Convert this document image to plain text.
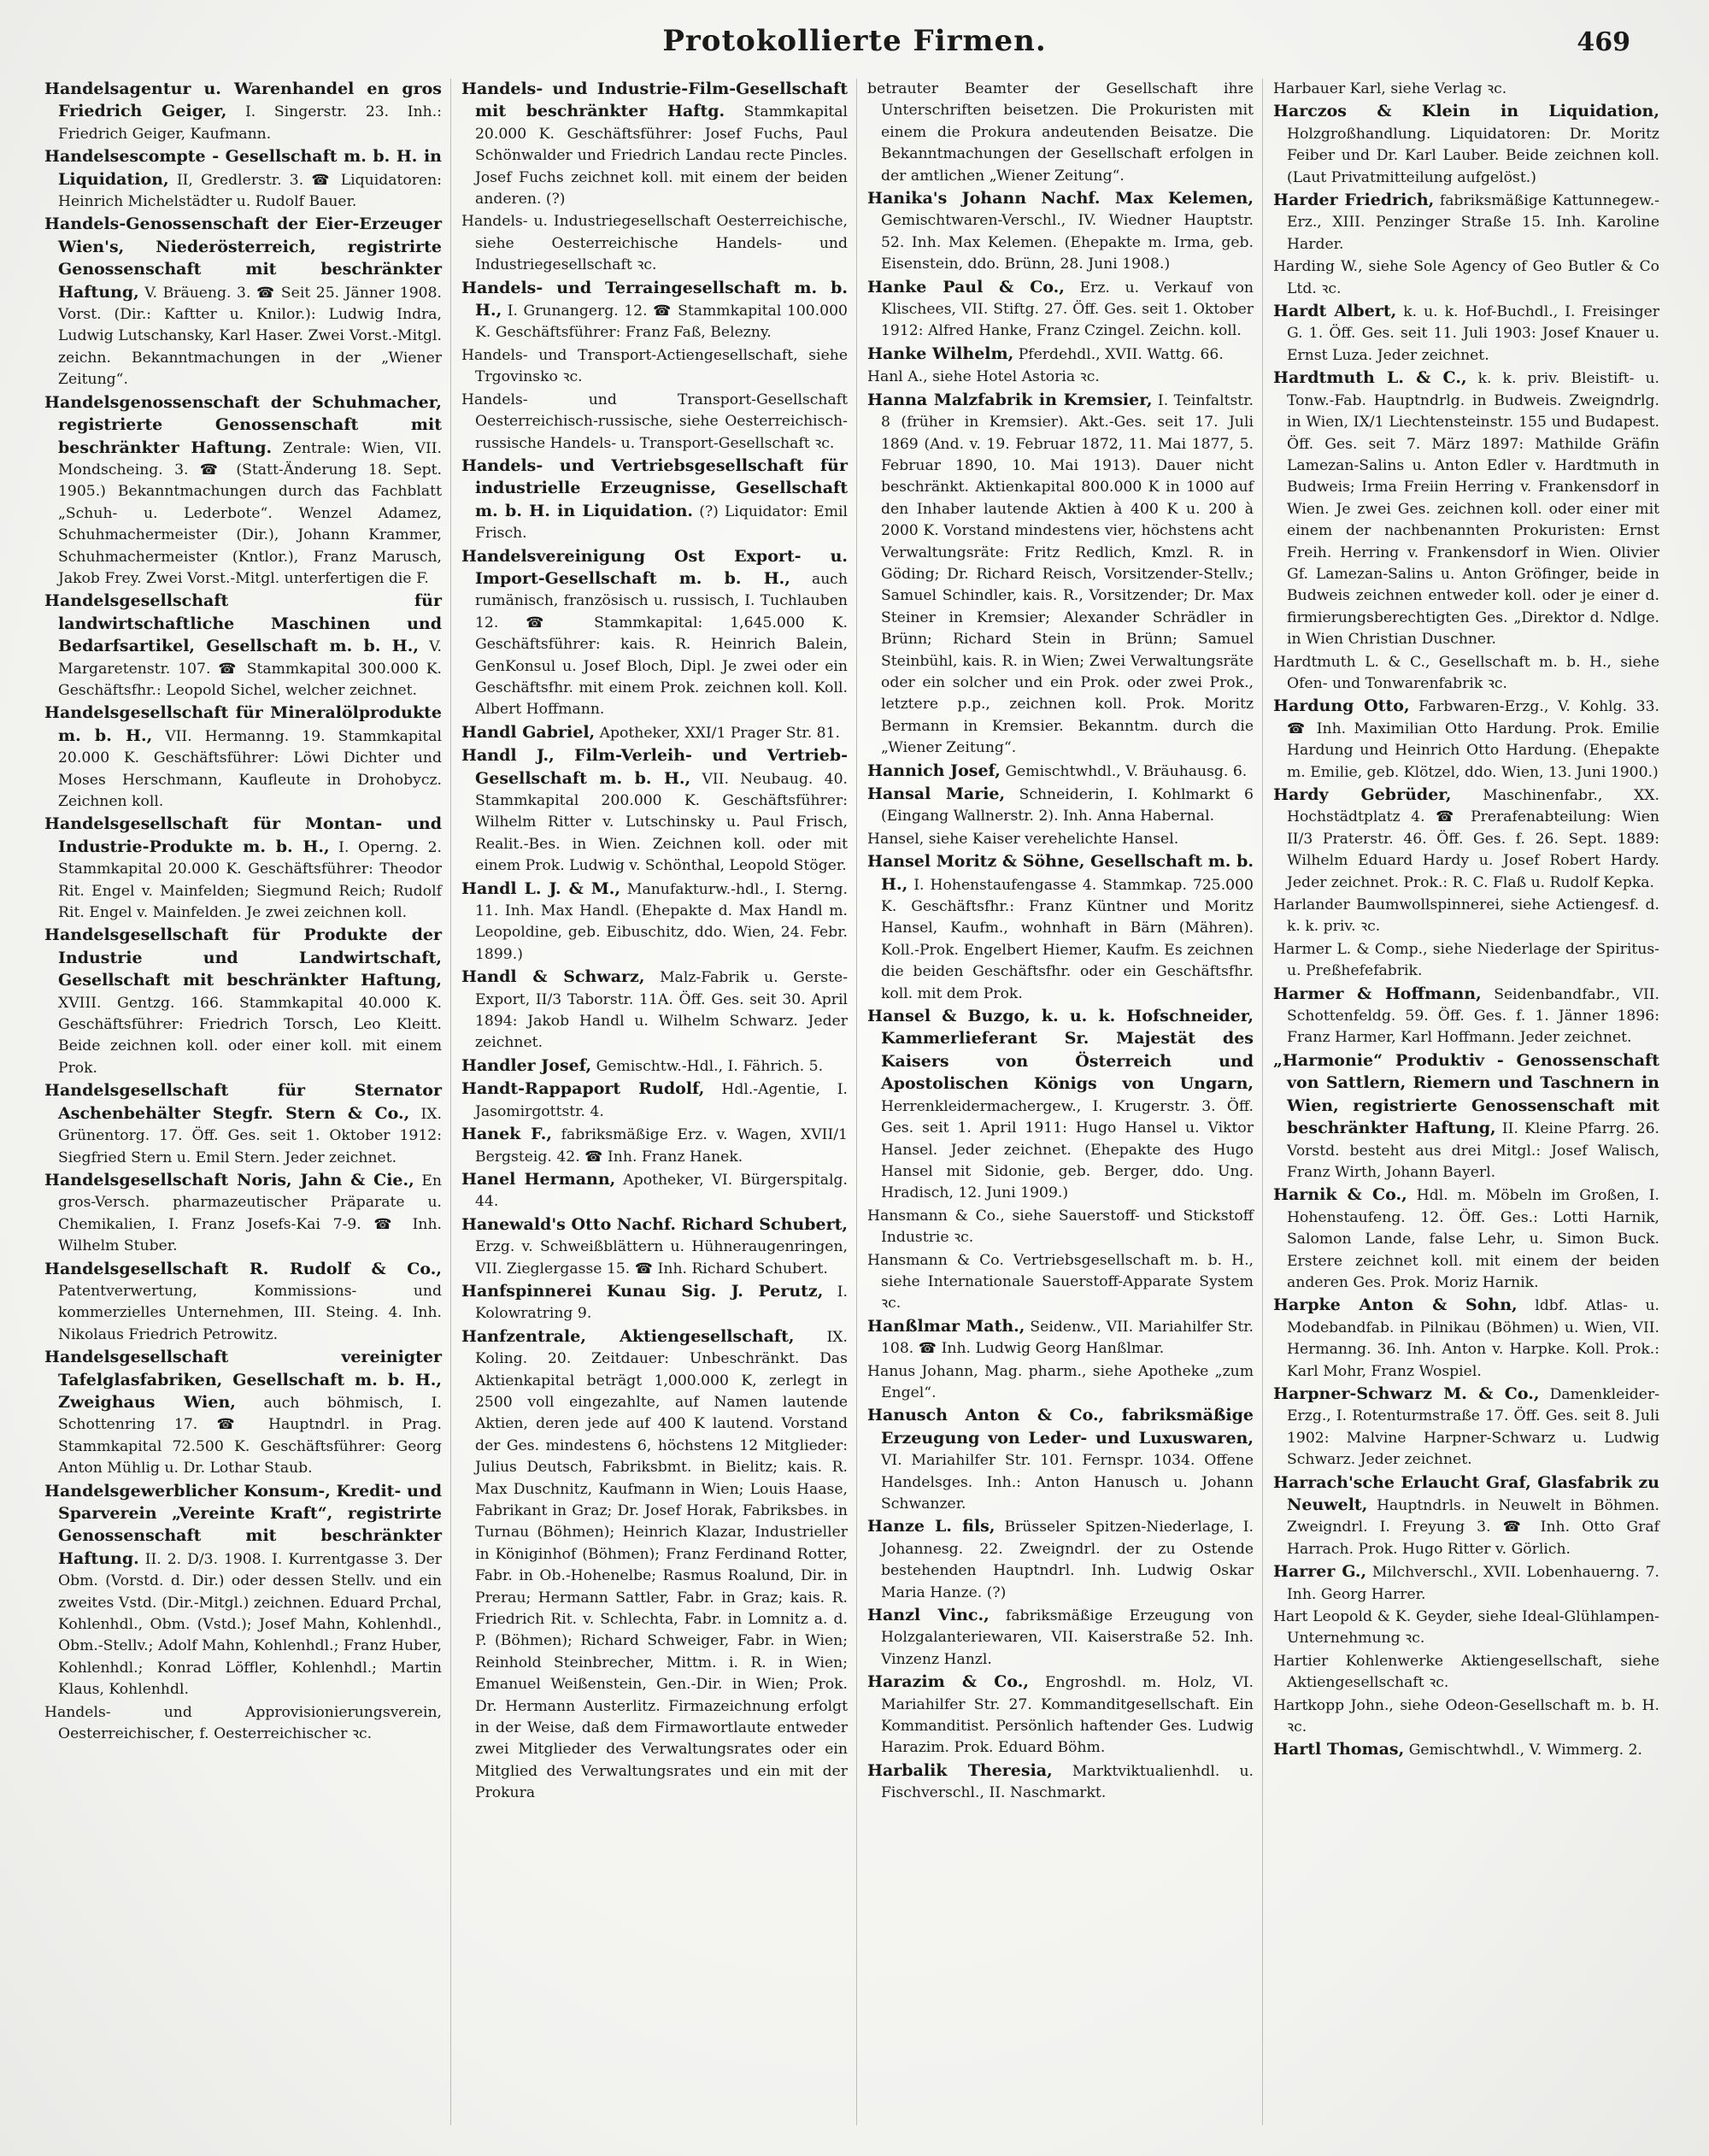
Protokollierte Firmen.	469

Handelsagentur u. Warenhandel en gros Friedrich Geiger, I. Singerstr. 23. Inh.: Friedrich Geiger, Kaufmann.

Handelsescompte - Gesellschaft m. b. H. in Liquidation, II, Gredlerstr. 3. ☎ Liquidatoren: Heinrich Michelstädter u. Rudolf Bauer.

Handels-Genossenschaft der Eier-Erzeuger Wien's, Niederösterreich, registrirte Genossenschaft mit beschränkter Haftung, V. Bräueng. 3. ☎ Seit 25. Jänner 1908. Vorst. (Dir.: Kaftter u. Knilor.): Ludwig Indra, Ludwig Lutschansky, Karl Haser. Zwei Vorst.-Mitgl. zeichn. Bekanntmachungen in der „Wiener Zeitung“.

Handelsgenossenschaft der Schuhmacher, registrierte Genossenschaft mit beschränkter Haftung. Zentrale: Wien, VII. Mondscheing. 3. ☎ (Statt-Änderung 18. Sept. 1905.) Bekanntmachungen durch das Fachblatt „Schuh- u. Lederbote“. Wenzel Adamez, Schuhmachermeister (Dir.), Johann Krammer, Schuhmachermeister (Kntlor.), Franz Marusch, Jakob Frey. Zwei Vorst.-Mitgl. unterfertigen die F.

Handelsgesellschaft für landwirtschaftliche Maschinen und Bedarfsartikel, Gesellschaft m. b. H., V. Margaretenstr. 107. ☎ Stammkapital 300.000 K. Geschäftsfhr.: Leopold Sichel, welcher zeichnet.

Handelsgesellschaft für Mineralölprodukte m. b. H., VII. Hermanng. 19. Stammkapital 20.000 K. Geschäftsführer: Löwi Dichter und Moses Herschmann, Kaufleute in Drohobycz. Zeichnen koll.

Handelsgesellschaft für Montan- und Industrie-Produkte m. b. H., I. Operng. 2. Stammkapital 20.000 K. Geschäftsführer: Theodor Rit. Engel v. Mainfelden; Siegmund Reich; Rudolf Rit. Engel v. Mainfelden. Je zwei zeichnen koll.

Handelsgesellschaft für Produkte der Industrie und Landwirtschaft, Gesellschaft mit beschränkter Haftung, XVIII. Gentzg. 166. Stammkapital 40.000 K. Geschäftsführer: Friedrich Torsch, Leo Kleitt. Beide zeichnen koll. oder einer koll. mit einem Prok.

Handelsgesellschaft für Sternator Aschenbehälter Stegfr. Stern & Co., IX. Grünentorg. 17. Öff. Ges. seit 1. Oktober 1912: Siegfried Stern u. Emil Stern. Jeder zeichnet.

Handelsgesellschaft Noris, Jahn & Cie., En gros-Versch. pharmazeutischer Präparate u. Chemikalien, I. Franz Josefs-Kai 7-9. ☎ Inh. Wilhelm Stuber.

Handelsgesellschaft R. Rudolf & Co., Patentverwertung, Kommissions- und kommerzielles Unternehmen, III. Steing. 4. Inh. Nikolaus Friedrich Petrowitz.

Handelsgesellschaft vereinigter Tafelglasfabriken, Gesellschaft m. b. H., Zweighaus Wien, auch böhmisch, I. Schottenring 17. ☎ Hauptndrl. in Prag. Stammkapital 72.500 K. Geschäftsführer: Georg Anton Mühlig u. Dr. Lothar Staub.

Handelsgewerblicher Konsum-, Kredit- und Sparverein „Vereinte Kraft“, registrirte Genossenschaft mit beschränkter Haftung. II. 2. D/3. 1908. I. Kurrentgasse 3. Der Obm. (Vorstd. d. Dir.) oder dessen Stellv. und ein zweites Vstd. (Dir.-Mitgl.) zeichnen. Eduard Prchal, Kohlenhdl., Obm. (Vstd.); Josef Mahn, Kohlenhdl., Obm.-Stellv.; Adolf Mahn, Kohlenhdl.; Franz Huber, Kohlenhdl.; Konrad Löffler, Kohlenhdl.; Martin Klaus, Kohlenhdl.

Handels- und Approvisionierungsverein, Oesterreichischer, f. Oesterreichischer ꝛc.

Handels- und Industrie-Film-Gesellschaft mit beschränkter Haftg. Stammkapital 20.000 K. Geschäftsführer: Josef Fuchs, Paul Schönwalder und Friedrich Landau recte Pincles. Josef Fuchs zeichnet koll. mit einem der beiden anderen. (?)

Handels- u. Industriegesellschaft Oesterreichische, siehe Oesterreichische Handels- und Industriegesellschaft ꝛc.

Handels- und Terraingesellschaft m. b. H., I. Grunangerg. 12. ☎ Stammkapital 100.000 K. Geschäftsführer: Franz Faß, Belezny.

Handels- und Transport-Actiengesellschaft, siehe Trgovinsko ꝛc.

Handels- und Transport-Gesellschaft Oesterreichisch-russische, siehe Oesterreichisch-russische Handels- u. Transport-Gesellschaft ꝛc.

Handels- und Vertriebsgesellschaft für industrielle Erzeugnisse, Gesellschaft m. b. H. in Liquidation. (?) Liquidator: Emil Frisch.

Handelsvereinigung Ost Export- u. Import-Gesellschaft m. b. H., auch rumänisch, französisch u. russisch, I. Tuchlauben 12. ☎ Stammkapital: 1,645.000 K. Geschäftsführer: kais. R. Heinrich Balein, GenKonsul u. Josef Bloch, Dipl. Je zwei oder ein Geschäftsfhr. mit einem Prok. zeichnen koll. Koll. Albert Hoffmann.

Handl Gabriel, Apotheker, XXI/1 Prager Str. 81.

Handl J., Film-Verleih- und Vertrieb-Gesellschaft m. b. H., VII. Neubaug. 40. Stammkapital 200.000 K. Geschäftsführer: Wilhelm Ritter v. Lutschinsky u. Paul Frisch, Realit.-Bes. in Wien. Zeichnen koll. oder mit einem Prok. Ludwig v. Schönthal, Leopold Stöger.

Handl L. J. & M., Manufakturw.-hdl., I. Sterng. 11. Inh. Max Handl. (Ehepakte d. Max Handl m. Leopoldine, geb. Eibuschitz, ddo. Wien, 24. Febr. 1899.)

Handl & Schwarz, Malz-Fabrik u. Gerste-Export, II/3 Taborstr. 11A. Öff. Ges. seit 30. April 1894: Jakob Handl u. Wilhelm Schwarz. Jeder zeichnet.

Handler Josef, Gemischtw.-Hdl., I. Fährich. 5.

Handt-Rappaport Rudolf, Hdl.-Agentie, I. Jasomirgottstr. 4.

Hanek F., fabriksmäßige Erz. v. Wagen, XVII/1 Bergsteig. 42. ☎ Inh. Franz Hanek.

Hanel Hermann, Apotheker, VI. Bürgerspitalg. 44.

Hanewald's Otto Nachf. Richard Schubert, Erzg. v. Schweißblättern u. Hühneraugenringen, VII. Zieglergasse 15. ☎ Inh. Richard Schubert.

Hanfspinnerei Kunau Sig. J. Perutz, I. Kolowratring 9.

Hanfzentrale, Aktiengesellschaft, IX. Koling. 20. Zeitdauer: Unbeschränkt. Das Aktienkapital beträgt 1,000.000 K, zerlegt in 2500 voll eingezahlte, auf Namen lautende Aktien, deren jede auf 400 K lautend. Vorstand der Ges. mindestens 6, höchstens 12 Mitglieder: Julius Deutsch, Fabriksbmt. in Bielitz; kais. R. Max Duschnitz, Kaufmann in Wien; Louis Haase, Fabrikant in Graz; Dr. Josef Horak, Fabriksbes. in Turnau (Böhmen); Heinrich Klazar, Industrieller in Königinhof (Böhmen); Franz Ferdinand Rotter, Fabr. in Ob.-Hohenelbe; Rasmus Roalund, Dir. in Prerau; Hermann Sattler, Fabr. in Graz; kais. R. Friedrich Rit. v. Schlechta, Fabr. in Lomnitz a. d. P. (Böhmen); Richard Schweiger, Fabr. in Wien; Reinhold Steinbrecher, Mittm. i. R. in Wien; Emanuel Weißenstein, Gen.-Dir. in Wien; Prok. Dr. Hermann Austerlitz. Firmazeichnung erfolgt in der Weise, daß dem Firmawortlaute entweder zwei Mitglieder des Verwaltungsrates oder ein Mitglied des Verwaltungsrates und ein mit der Prokura

betrauter Beamter der Gesellschaft ihre Unterschriften beisetzen. Die Prokuristen mit einem die Prokura andeutenden Beisatze. Die Bekanntmachungen der Gesellschaft erfolgen in der amtlichen „Wiener Zeitung“.

Hanika's Johann Nachf. Max Kelemen, Gemischtwaren-Verschl., IV. Wiedner Hauptstr. 52. Inh. Max Kelemen. (Ehepakte m. Irma, geb. Eisenstein, ddo. Brünn, 28. Juni 1908.)

Hanke Paul & Co., Erz. u. Verkauf von Klischees, VII. Stiftg. 27. Öff. Ges. seit 1. Oktober 1912: Alfred Hanke, Franz Czingel. Zeichn. koll.

Hanke Wilhelm, Pferdehdl., XVII. Wattg. 66.

Hanl A., siehe Hotel Astoria ꝛc.

Hanna Malzfabrik in Kremsier, I. Teinfaltstr. 8 (früher in Kremsier). Akt.-Ges. seit 17. Juli 1869 (And. v. 19. Februar 1872, 11. Mai 1877, 5. Februar 1890, 10. Mai 1913). Dauer nicht beschränkt. Aktienkapital 800.000 K in 1000 auf den Inhaber lautende Aktien à 400 K u. 200 à 2000 K. Vorstand mindestens vier, höchstens acht Verwaltungsräte: Fritz Redlich, Kmzl. R. in Göding; Dr. Richard Reisch, Vorsitzender-Stellv.; Samuel Schindler, kais. R., Vorsitzender; Dr. Max Steiner in Kremsier; Alexander Schrädler in Brünn; Richard Stein in Brünn; Samuel Steinbühl, kais. R. in Wien; Zwei Verwaltungsräte oder ein solcher und ein Prok. oder zwei Prok., letztere p.p., zeichnen koll. Prok. Moritz Bermann in Kremsier. Bekanntm. durch die „Wiener Zeitung“.

Hannich Josef, Gemischtwhdl., V. Bräuhausg. 6.

Hansal Marie, Schneiderin, I. Kohlmarkt 6 (Eingang Wallnerstr. 2). Inh. Anna Habernal.

Hansel, siehe Kaiser verehelichte Hansel.

Hansel Moritz & Söhne, Gesellschaft m. b. H., I. Hohenstaufengasse 4. Stammkap. 725.000 K. Geschäftsfhr.: Franz Küntner und Moritz Hansel, Kaufm., wohnhaft in Bärn (Mähren). Koll.-Prok. Engelbert Hiemer, Kaufm. Es zeichnen die beiden Geschäftsfhr. oder ein Geschäftsfhr. koll. mit dem Prok.

Hansel & Buzgo, k. u. k. Hofschneider, Kammerlieferant Sr. Majestät des Kaisers von Österreich und Apostolischen Königs von Ungarn, Herrenkleidermachergew., I. Krugerstr. 3. Öff. Ges. seit 1. April 1911: Hugo Hansel u. Viktor Hansel. Jeder zeichnet. (Ehepakte des Hugo Hansel mit Sidonie, geb. Berger, ddo. Ung. Hradisch, 12. Juni 1909.)

Hansmann & Co., siehe Sauerstoff- und Stickstoff Industrie ꝛc.

Hansmann & Co. Vertriebsgesellschaft m. b. H., siehe Internationale Sauerstoff-Apparate System ꝛc.

Hanßlmar Math., Seidenw., VII. Mariahilfer Str. 108. ☎ Inh. Ludwig Georg Hanßlmar.

Hanus Johann, Mag. pharm., siehe Apotheke „zum Engel“.

Hanusch Anton & Co., fabriksmäßige Erzeugung von Leder- und Luxuswaren, VI. Mariahilfer Str. 101. Fernspr. 1034. Offene Handelsges. Inh.: Anton Hanusch u. Johann Schwanzer.

Hanze L. fils, Brüsseler Spitzen-Niederlage, I. Johannesg. 22. Zweigndrl. der zu Ostende bestehenden Hauptndrl. Inh. Ludwig Oskar Maria Hanze. (?)

Hanzl Vinc., fabriksmäßige Erzeugung von Holzgalanteriewaren, VII. Kaiserstraße 52. Inh. Vinzenz Hanzl.

Harazim & Co., Engroshdl. m. Holz, VI. Mariahilfer Str. 27. Kommanditgesellschaft. Ein Kommanditist. Persönlich haftender Ges. Ludwig Harazim. Prok. Eduard Böhm.

Harbalik Theresia, Marktviktualienhdl. u. Fischverschl., II. Naschmarkt.

Harbauer Karl, siehe Verlag ꝛc.

Harczos & Klein in Liquidation, Holzgroßhandlung. Liquidatoren: Dr. Moritz Feiber und Dr. Karl Lauber. Beide zeichnen koll. (Laut Privatmitteilung aufgelöst.)

Harder Friedrich, fabriksmäßige Kattunnegew.-Erz., XIII. Penzinger Straße 15. Inh. Karoline Harder.

Harding W., siehe Sole Agency of Geo Butler & Co Ltd. ꝛc.

Hardt Albert, k. u. k. Hof-Buchdl., I. Freisinger G. 1. Öff. Ges. seit 11. Juli 1903: Josef Knauer u. Ernst Luza. Jeder zeichnet.

Hardtmuth L. & C., k. k. priv. Bleistift- u. Tonw.-Fab. Hauptndrlg. in Budweis. Zweigndrlg. in Wien, IX/1 Liechtensteinstr. 155 und Budapest. Öff. Ges. seit 7. März 1897: Mathilde Gräfin Lamezan-Salins u. Anton Edler v. Hardtmuth in Budweis; Irma Freiin Herring v. Frankensdorf in Wien. Je zwei Ges. zeichnen koll. oder einer mit einem der nachbenannten Prokuristen: Ernst Freih. Herring v. Frankensdorf in Wien. Olivier Gf. Lamezan-Salins u. Anton Gröfinger, beide in Budweis zeichnen entweder koll. oder je einer d. firmierungsberechtigten Ges. „Direktor d. Ndlge. in Wien Christian Duschner.

Hardtmuth L. & C., Gesellschaft m. b. H., siehe Ofen- und Tonwarenfabrik ꝛc.

Hardung Otto, Farbwaren-Erzg., V. Kohlg. 33. ☎ Inh. Maximilian Otto Hardung. Prok. Emilie Hardung und Heinrich Otto Hardung. (Ehepakte m. Emilie, geb. Klötzel, ddo. Wien, 13. Juni 1900.)

Hardy Gebrüder, Maschinenfabr., XX. Hochstädtplatz 4. ☎ Prerafenabteilung: Wien II/3 Praterstr. 46. Öff. Ges. f. 26. Sept. 1889: Wilhelm Eduard Hardy u. Josef Robert Hardy. Jeder zeichnet. Prok.: R. C. Flaß u. Rudolf Kepka.

Harlander Baumwollspinnerei, siehe Actiengesf. d. k. k. priv. ꝛc.

Harmer L. & Comp., siehe Niederlage der Spiritus- u. Preßhefefabrik.

Harmer & Hoffmann, Seidenbandfabr., VII. Schottenfeldg. 59. Öff. Ges. f. 1. Jänner 1896: Franz Harmer, Karl Hoffmann. Jeder zeichnet.

„Harmonie“ Produktiv - Genossenschaft von Sattlern, Riemern und Taschnern in Wien, registrierte Genossenschaft mit beschränkter Haftung, II. Kleine Pfarrg. 26. Vorstd. besteht aus drei Mitgl.: Josef Walisch, Franz Wirth, Johann Bayerl.

Harnik & Co., Hdl. m. Möbeln im Großen, I. Hohenstaufeng. 12. Öff. Ges.: Lotti Harnik, Salomon Lande, false Lehr, u. Simon Buck. Erstere zeichnet koll. mit einem der beiden anderen Ges. Prok. Moriz Harnik.

Harpke Anton & Sohn, ldbf. Atlas- u. Modebandfab. in Pilnikau (Böhmen) u. Wien, VII. Hermanng. 36. Inh. Anton v. Harpke. Koll. Prok.: Karl Mohr, Franz Wospiel.

Harpner-Schwarz M. & Co., Damenkleider-Erzg., I. Rotenturmstraße 17. Öff. Ges. seit 8. Juli 1902: Malvine Harpner-Schwarz u. Ludwig Schwarz. Jeder zeichnet.

Harrach'sche Erlaucht Graf, Glasfabrik zu Neuwelt, Hauptndrls. in Neuwelt in Böhmen. Zweigndrl. I. Freyung 3. ☎ Inh. Otto Graf Harrach. Prok. Hugo Ritter v. Görlich.

Harrer G., Milchverschl., XVII. Lobenhauerng. 7. Inh. Georg Harrer.

Hart Leopold & K. Geyder, siehe Ideal-Glühlampen-Unternehmung ꝛc.

Hartier Kohlenwerke Aktiengesellschaft, siehe Aktiengesellschaft ꝛc.

Hartkopp John., siehe Odeon-Gesellschaft m. b. H. ꝛc.

Hartl Thomas, Gemischtwhdl., V. Wimmerg. 2.
